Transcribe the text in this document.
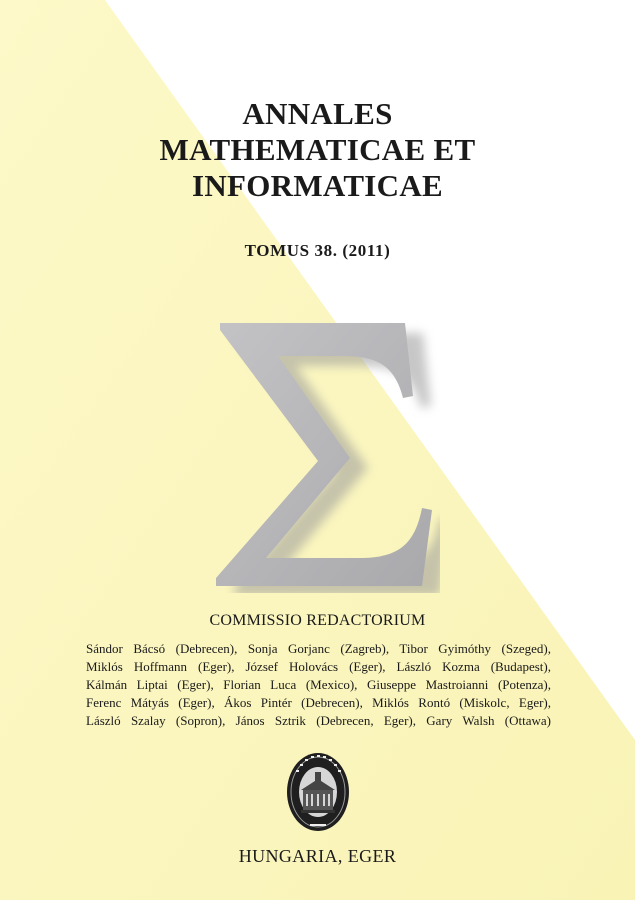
ANNALES
MATHEMATICAE ET
INFORMATICAE
TOMUS 38. (2011)
COMMISSIO REDACTORIUM
Sándor Bácsó (Debrecen), Sonja Gorjanc (Zagreb), Tibor Gyimóthy (Szeged),
Miklós Hoffmann (Eger), József Holovács (Eger), László Kozma (Budapest),
Kálmán Liptai (Eger), Florian Luca (Mexico), Giuseppe Mastroianni (Potenza),
Ferenc Mátyás (Eger), Ákos Pintér (Debrecen), Miklós Rontó (Miskolc, Eger),
László Szalay (Sopron), János Sztrik (Debrecen, Eger), Gary Walsh (Ottawa)
HUNGARIA, EGER
